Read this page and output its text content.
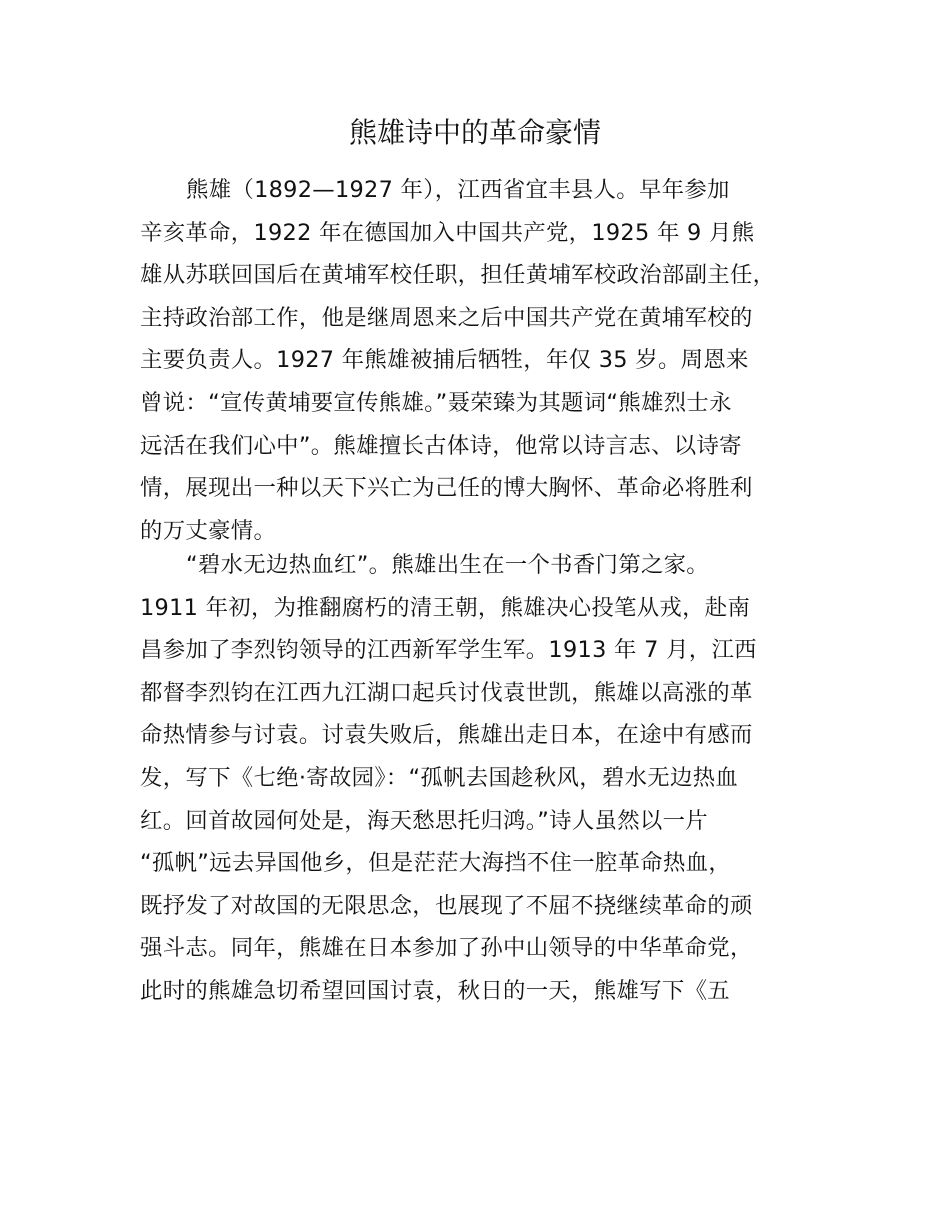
熊雄诗中的革命豪情
熊雄（1892—1927 年），江西省宜丰县人。早年参加
辛亥革命，1922 年在德国加入中国共产党，1925 年 9 月熊
雄从苏联回国后在黄埔军校任职，担任黄埔军校政治部副主任，
主持政治部工作，他是继周恩来之后中国共产党在黄埔军校的
主要负责人。1927 年熊雄被捕后牺牲，年仅 35 岁。周恩来
曾说：“宣传黄埔要宣传熊雄。”聂荣臻为其题词“熊雄烈士永
远活在我们心中”。熊雄擅长古体诗，他常以诗言志、以诗寄
情，展现出一种以天下兴亡为己任的博大胸怀、革命必将胜利
的万丈豪情。
“碧水无边热血红”。熊雄出生在一个书香门第之家。
1911 年初，为推翻腐朽的清王朝，熊雄决心投笔从戎，赴南
昌参加了李烈钧领导的江西新军学生军。1913 年 7 月，江西
都督李烈钧在江西九江湖口起兵讨伐袁世凯，熊雄以高涨的革
命热情参与讨袁。讨袁失败后，熊雄出走日本，在途中有感而
发，写下《七绝·寄故园》：“孤帆去国趁秋风，碧水无边热血
红。回首故园何处是，海天愁思托归鸿。”诗人虽然以一片
“孤帆”远去异国他乡，但是茫茫大海挡不住一腔革命热血，
既抒发了对故国的无限思念，也展现了不屈不挠继续革命的顽
强斗志。同年，熊雄在日本参加了孙中山领导的中华革命党，
此时的熊雄急切希望回国讨袁，秋日的一天，熊雄写下《五
